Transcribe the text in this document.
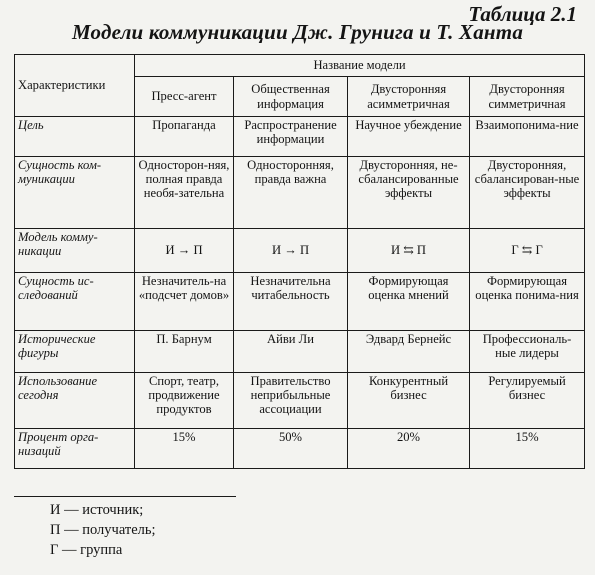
Таблица 2.1
Модели коммуникации Дж. Грунига и Т. Ханта
Характеристики	Название модели			
	Пресс-агент	Общественная информация	Двусторонняя асимметричная	Двусторонняя симметричная
Цель	Пропаганда	Распространение информации	Научное убеждение	Взаимопонима-ние
Сущность ком-муникации	Односторон-няя, полная правда необя-зательна	Односторонняя, правда важна	Двусторонняя, не-сбалансированные эффекты	Двусторонняя, сбалансирован-ные эффекты
Модель комму-никации	И → П	И → П	И ⇆ П	Г ⇆ Г
Сущность ис-следований	Незначитель-на «подсчет домов»	Незначительна читабельность	Формирующая оценка мнений	Формирующая оценка понима-ния
Исторические фигуры	П. Барнум	Айви Ли	Эдвард Бернейс	Профессиональ-ные лидеры
Использование сегодня	Спорт, театр, продвижение продуктов	Правительство неприбыльные ассоциации	Конкурентный бизнес	Регулируемый бизнес
Процент орга-низаций	15%	50%	20%	15%
И — источник;
П — получатель;
Г — группа
